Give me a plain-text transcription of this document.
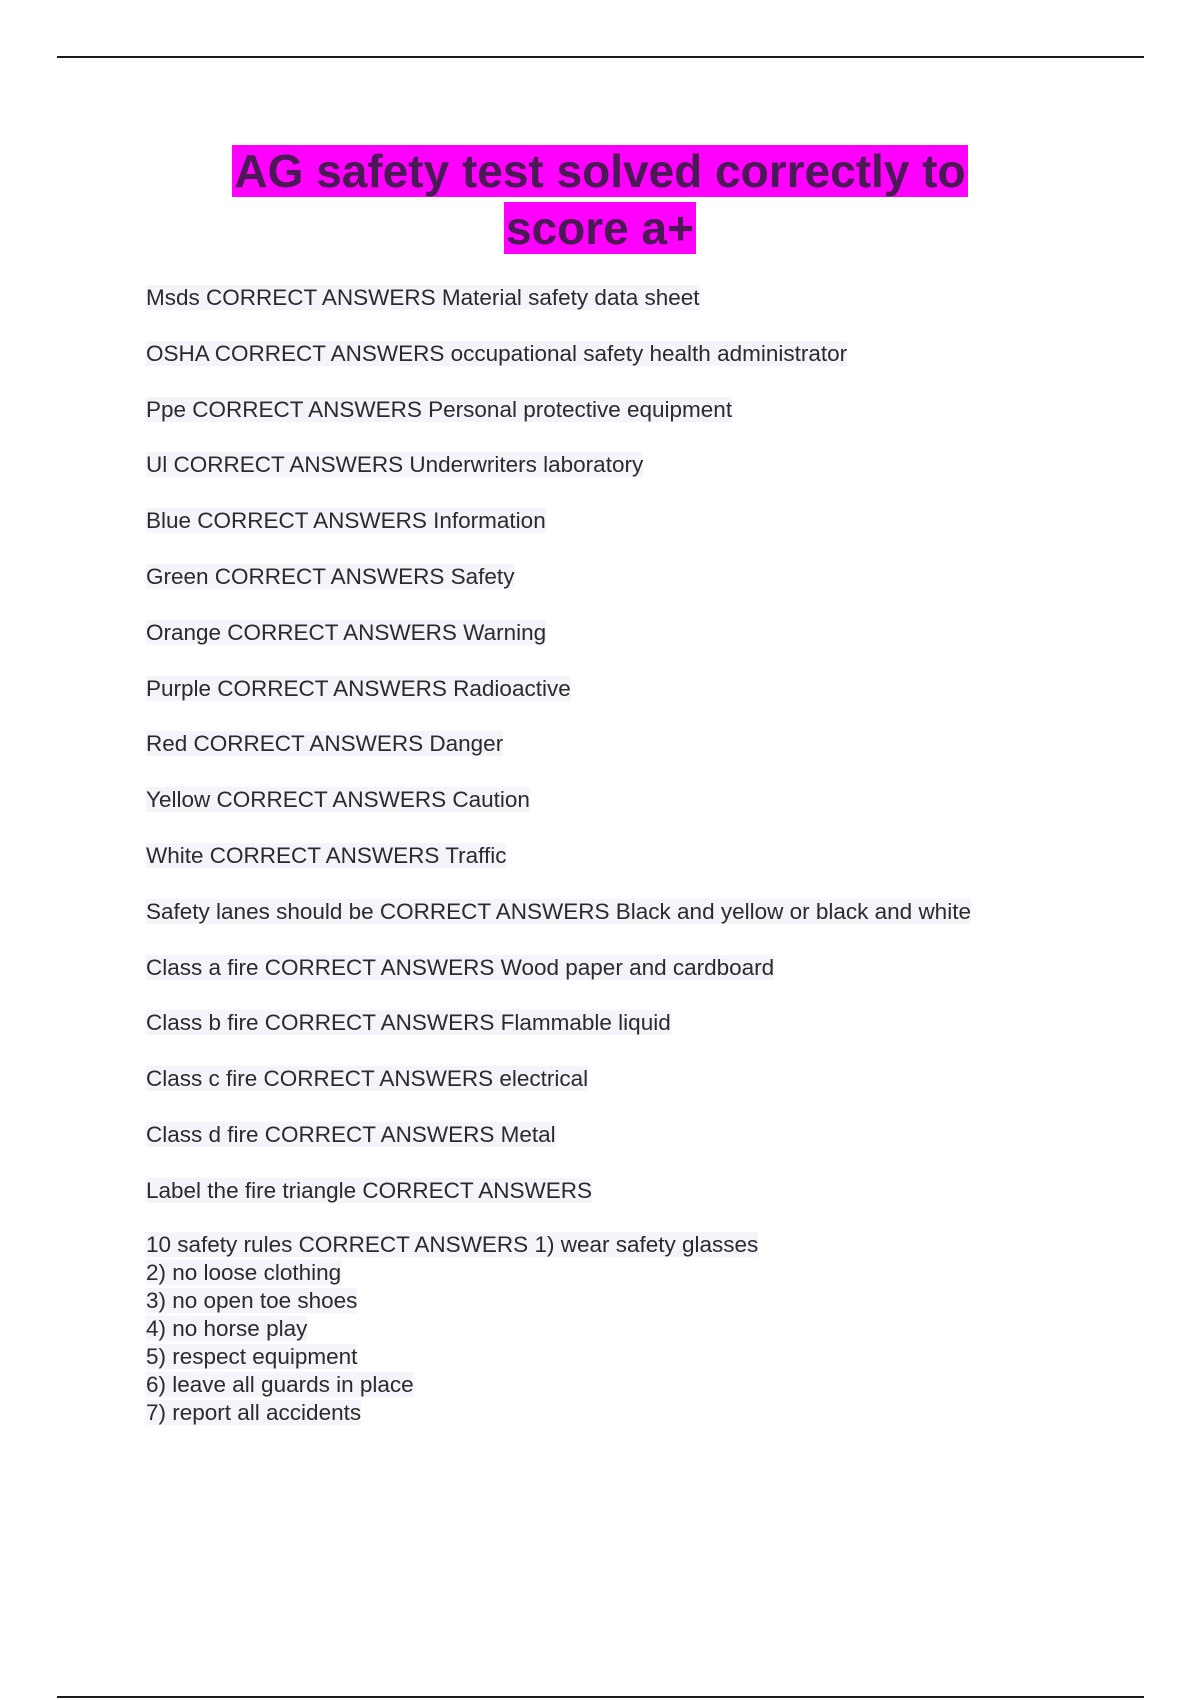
AG safety test solved correctly to
score a+
Msds CORRECT ANSWERS Material safety data sheet
OSHA CORRECT ANSWERS occupational safety health administrator
Ppe CORRECT ANSWERS Personal protective equipment
Ul CORRECT ANSWERS Underwriters laboratory
Blue CORRECT ANSWERS Information
Green CORRECT ANSWERS Safety
Orange CORRECT ANSWERS Warning
Purple CORRECT ANSWERS Radioactive
Red CORRECT ANSWERS Danger
Yellow CORRECT ANSWERS Caution
White CORRECT ANSWERS Traffic
Safety lanes should be CORRECT ANSWERS Black and yellow or black and white
Class a fire CORRECT ANSWERS Wood paper and cardboard
Class b fire CORRECT ANSWERS Flammable liquid
Class c fire CORRECT ANSWERS electrical
Class d fire CORRECT ANSWERS Metal
Label the fire triangle CORRECT ANSWERS
10 safety rules CORRECT ANSWERS 1) wear safety glasses
2) no loose clothing
3) no open toe shoes
4) no horse play
5) respect equipment
6) leave all guards in place
7) report all accidents
